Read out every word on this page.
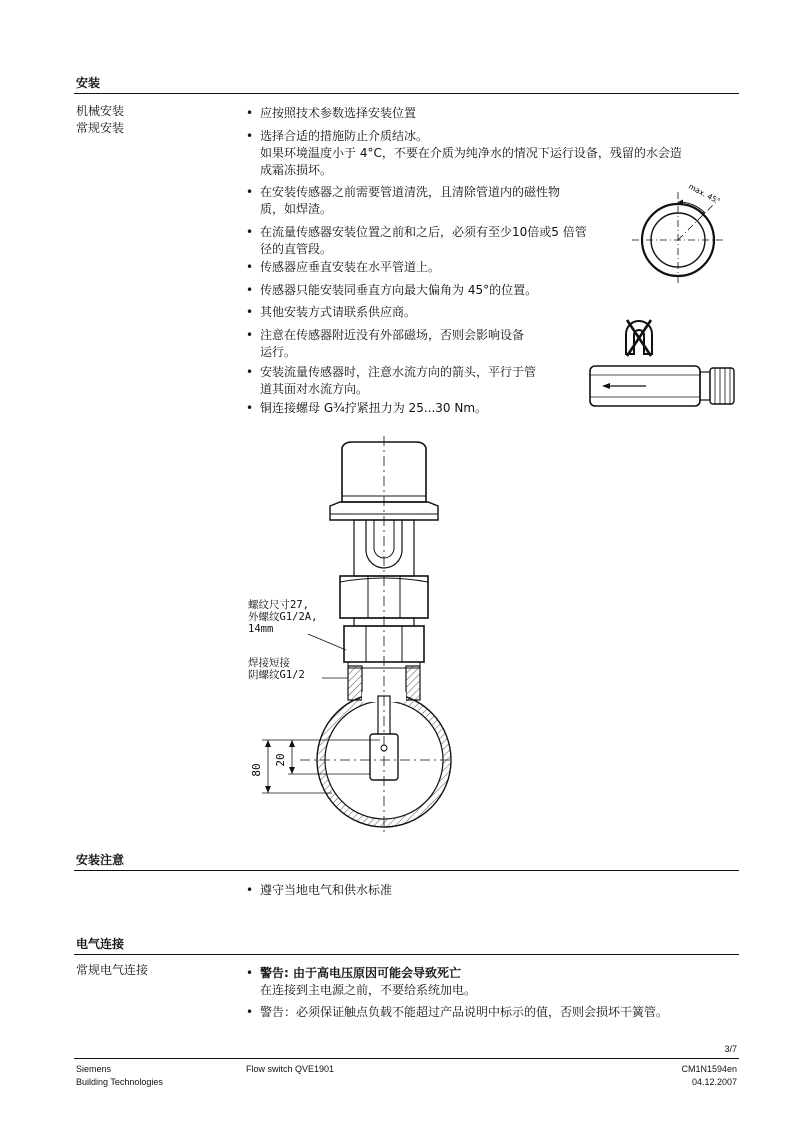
安装
机械安装
常规安装
• 应按照技术参数选择安装位置
• 选择合适的措施防止介质结冰。
如果环境温度小于 4°C，不要在介质为纯净水的情况下运行设备，残留的水会造
成霜冻损坏。
• 在安装传感器之前需要管道清洗，且清除管道内的磁性物
质，如焊渣。
• 在流量传感器安装位置之前和之后，必须有至少10倍或5 倍管
径的直管段。
• 传感器应垂直安装在水平管道上。
• 传感器只能安装同垂直方向最大偏角为 45°的位置。
• 其他安装方式请联系供应商。
• 注意在传感器附近没有外部磁场，否则会影响设备
运行。
• 安装流量传感器时，注意水流方向的箭头，平行于管
道其面对水流方向。
• 铜连接螺母 G¾拧紧扭力为 25...30 Nm。
max. 45°
80
20
螺纹尺寸27,
外螺纹G1/2A,
14mm
焊接短接
阴螺纹G1/2
安装注意
• 遵守当地电气和供水标准
电气连接
常规电气连接	• 警告: 由于高电压原因可能会导致死亡
在连接到主电源之前，不要给系统加电。
• 警告：必须保证触点负载不能超过产品说明中标示的值，否则会损坏干簧管。
3/7
Siemens
Building Technologies
Flow switch QVE1901	CM1N1594en
04.12.2007
